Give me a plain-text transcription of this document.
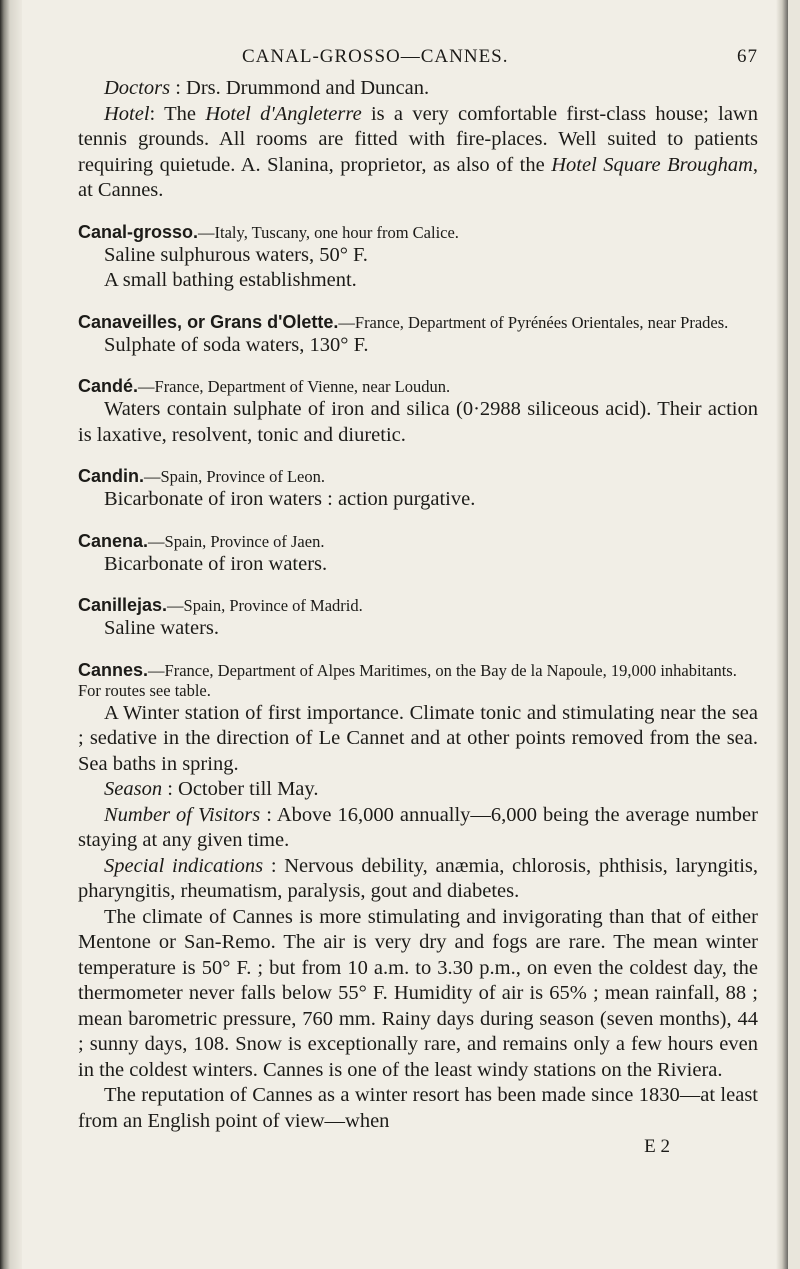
CANAL-GROSSO—CANNES.	67

Doctors : Drs. Drummond and Duncan.

Hotel: The Hotel d'Angleterre is a very comfortable first-class house; lawn tennis grounds. All rooms are fitted with fire-places. Well suited to patients requiring quietude. A. Slanina, proprietor, as also of the Hotel Square Brougham, at Cannes.

Canal-grosso.—Italy, Tuscany, one hour from Calice.

Saline sulphurous waters, 50° F.

A small bathing establishment.

Canaveilles, or Grans d'Olette.—France, Department of Pyrénées Orientales, near Prades.

Sulphate of soda waters, 130° F.

Candé.—France, Department of Vienne, near Loudun.

Waters contain sulphate of iron and silica (0·2988 siliceous acid). Their action is laxative, resolvent, tonic and diuretic.

Candin.—Spain, Province of Leon.

Bicarbonate of iron waters : action purgative.

Canena.—Spain, Province of Jaen.

Bicarbonate of iron waters.

Canillejas.—Spain, Province of Madrid.

Saline waters.

Cannes.—France, Department of Alpes Maritimes, on the Bay de la Napoule, 19,000 inhabitants. For routes see table.

A Winter station of first importance. Climate tonic and stimulating near the sea ; sedative in the direction of Le Cannet and at other points removed from the sea. Sea baths in spring.

Season : October till May.

Number of Visitors : Above 16,000 annually—6,000 being the average number staying at any given time.

Special indications : Nervous debility, anæmia, chlorosis, phthisis, laryngitis, pharyngitis, rheumatism, paralysis, gout and diabetes.

The climate of Cannes is more stimulating and invigorating than that of either Mentone or San-Remo. The air is very dry and fogs are rare. The mean winter temperature is 50° F. ; but from 10 a.m. to 3.30 p.m., on even the coldest day, the thermometer never falls below 55° F. Humidity of air is 65% ; mean rainfall, 88 ; mean barometric pressure, 760 mm. Rainy days during season (seven months), 44 ; sunny days, 108. Snow is exceptionally rare, and remains only a few hours even in the coldest winters. Cannes is one of the least windy stations on the Riviera.

The reputation of Cannes as a winter resort has been made since 1830—at least from an English point of view—when

E 2
